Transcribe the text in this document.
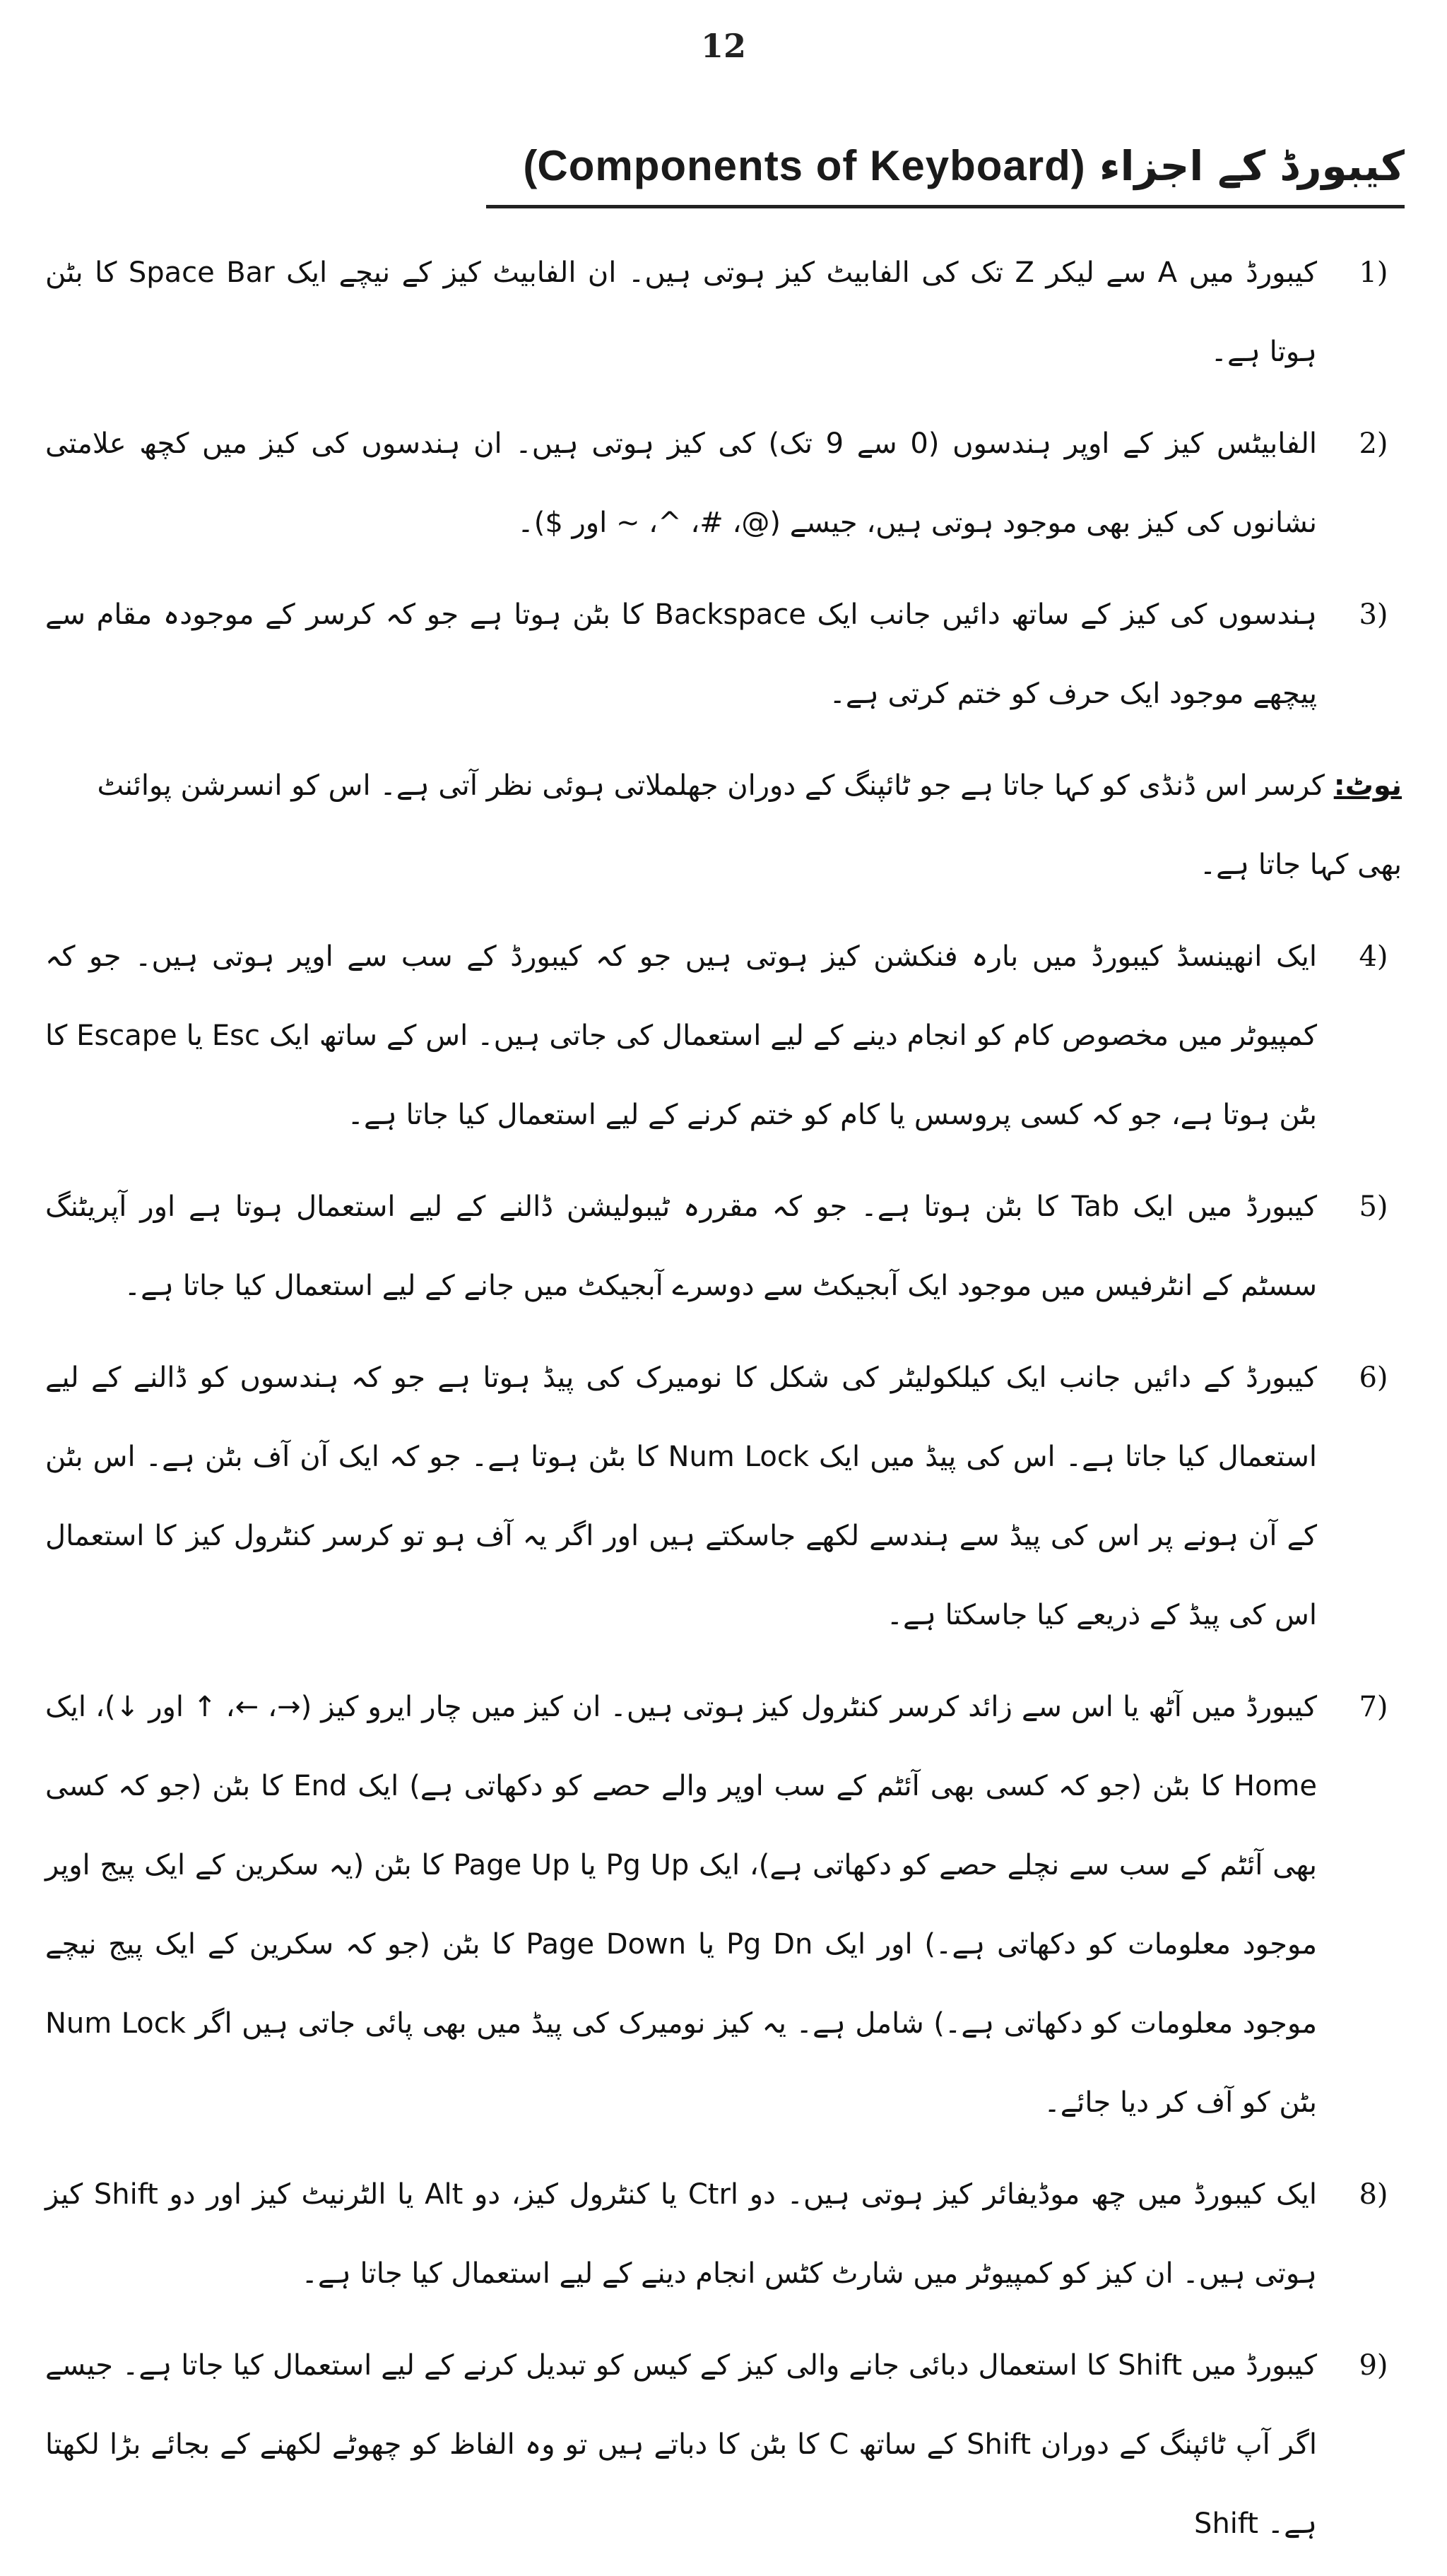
12
کیبورڈ کے اجزاء (Components of Keyboard)
1)
کیبورڈ میں A سے لیکر Z تک کی الفابیٹ کیز ہوتی ہیں۔ ان الفابیٹ کیز کے نیچے ایک Space Bar کا بٹن ہوتا ہے۔
2)
الفابیٹس کیز کے اوپر ہندسوں (0 سے 9 تک) کی کیز ہوتی ہیں۔ ان ہندسوں کی کیز میں کچھ علامتی نشانوں کی کیز بھی موجود ہوتی ہیں، جیسے (@، #، ^، ~ اور $)۔
3)
ہندسوں کی کیز کے ساتھ دائیں جانب ایک Backspace کا بٹن ہوتا ہے جو کہ کرسر کے موجودہ مقام سے پیچھے موجود ایک حرف کو ختم کرتی ہے۔
نوٹ: کرسر اس ڈنڈی کو کہا جاتا ہے جو ٹائپنگ کے دوران جھلملاتی ہوئی نظر آتی ہے۔ اس کو انسرشن پوائنٹ بھی کہا جاتا ہے۔
4)
ایک انھینسڈ کیبورڈ میں بارہ فنکشن کیز ہوتی ہیں جو کہ کیبورڈ کے سب سے اوپر ہوتی ہیں۔ جو کہ کمپیوٹر میں مخصوص کام کو انجام دینے کے لیے استعمال کی جاتی ہیں۔ اس کے ساتھ ایک Esc یا Escape کا بٹن ہوتا ہے، جو کہ کسی پروسس یا کام کو ختم کرنے کے لیے استعمال کیا جاتا ہے۔
5)
کیبورڈ میں ایک Tab کا بٹن ہوتا ہے۔ جو کہ مقررہ ٹیبولیشن ڈالنے کے لیے استعمال ہوتا ہے اور آپریٹنگ سسٹم کے انٹرفیس میں موجود ایک آبجیکٹ سے دوسرے آبجیکٹ میں جانے کے لیے استعمال کیا جاتا ہے۔
6)
کیبورڈ کے دائیں جانب ایک کیلکولیٹر کی شکل کا نومیرک کی پیڈ ہوتا ہے جو کہ ہندسوں کو ڈالنے کے لیے استعمال کیا جاتا ہے۔ اس کی پیڈ میں ایک Num Lock کا بٹن ہوتا ہے۔ جو کہ ایک آن آف بٹن ہے۔ اس بٹن کے آن ہونے پر اس کی پیڈ سے ہندسے لکھے جاسکتے ہیں اور اگر یہ آف ہو تو کرسر کنٹرول کیز کا استعمال اس کی پیڈ کے ذریعے کیا جاسکتا ہے۔
7)
کیبورڈ میں آٹھ یا اس سے زائد کرسر کنٹرول کیز ہوتی ہیں۔ ان کیز میں چار ایرو کیز (→، ←، ↑ اور ↓)، ایک Home کا بٹن (جو کہ کسی بھی آئٹم کے سب اوپر والے حصے کو دکھاتی ہے) ایک End کا بٹن (جو کہ کسی بھی آئٹم کے سب سے نچلے حصے کو دکھاتی ہے)، ایک Pg Up یا Page Up کا بٹن (یہ سکرین کے ایک پیج اوپر موجود معلومات کو دکھاتی ہے۔) اور ایک Pg Dn یا Page Down کا بٹن (جو کہ سکرین کے ایک پیج نیچے موجود معلومات کو دکھاتی ہے۔) شامل ہے۔ یہ کیز نومیرک کی پیڈ میں بھی پائی جاتی ہیں اگر Num Lock بٹن کو آف کر دیا جائے۔
8)
ایک کیبورڈ میں چھ موڈیفائر کیز ہوتی ہیں۔ دو Ctrl یا کنٹرول کیز، دو Alt یا الٹرنیٹ کیز اور دو Shift کیز ہوتی ہیں۔ ان کیز کو کمپیوٹر میں شارٹ کٹس انجام دینے کے لیے استعمال کیا جاتا ہے۔
9)
کیبورڈ میں Shift کا استعمال دبائی جانے والی کیز کے کیس کو تبدیل کرنے کے لیے استعمال کیا جاتا ہے۔ جیسے اگر آپ ٹائپنگ کے دوران Shift کے ساتھ C کا بٹن کا دباتے ہیں تو وہ الفاظ کو چھوٹے لکھنے کے بجائے بڑا لکھتا ہے۔ Shift
